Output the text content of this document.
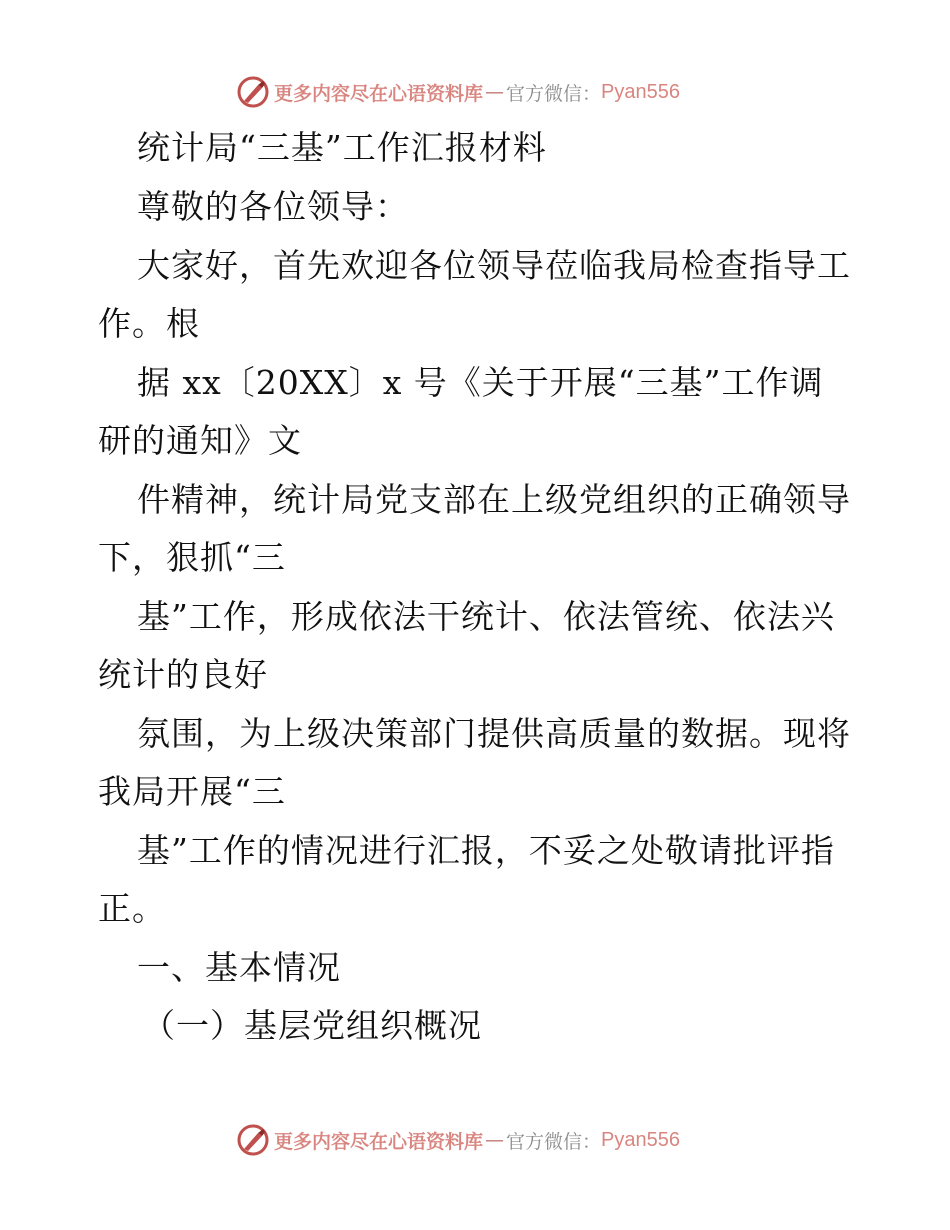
更多内容尽在心语资料库 — 官方微信： Pyan556
统计局“三基”工作汇报材料
尊敬的各位领导：
大家好，首先欢迎各位领导莅临我局检查指导工
作。根
据 xx〔20XX〕x 号《关于开展“三基”工作调
研的通知》文
件精神，统计局党支部在上级党组织的正确领导
下，狠抓“三
基”工作，形成依法干统计、依法管统、依法兴
统计的良好
氛围，为上级决策部门提供高质量的数据。现将
我局开展“三
基”工作的情况进行汇报，不妥之处敬请批评指
正。
一、基本情况
（一）基层党组织概况
更多内容尽在心语资料库 — 官方微信： Pyan556
